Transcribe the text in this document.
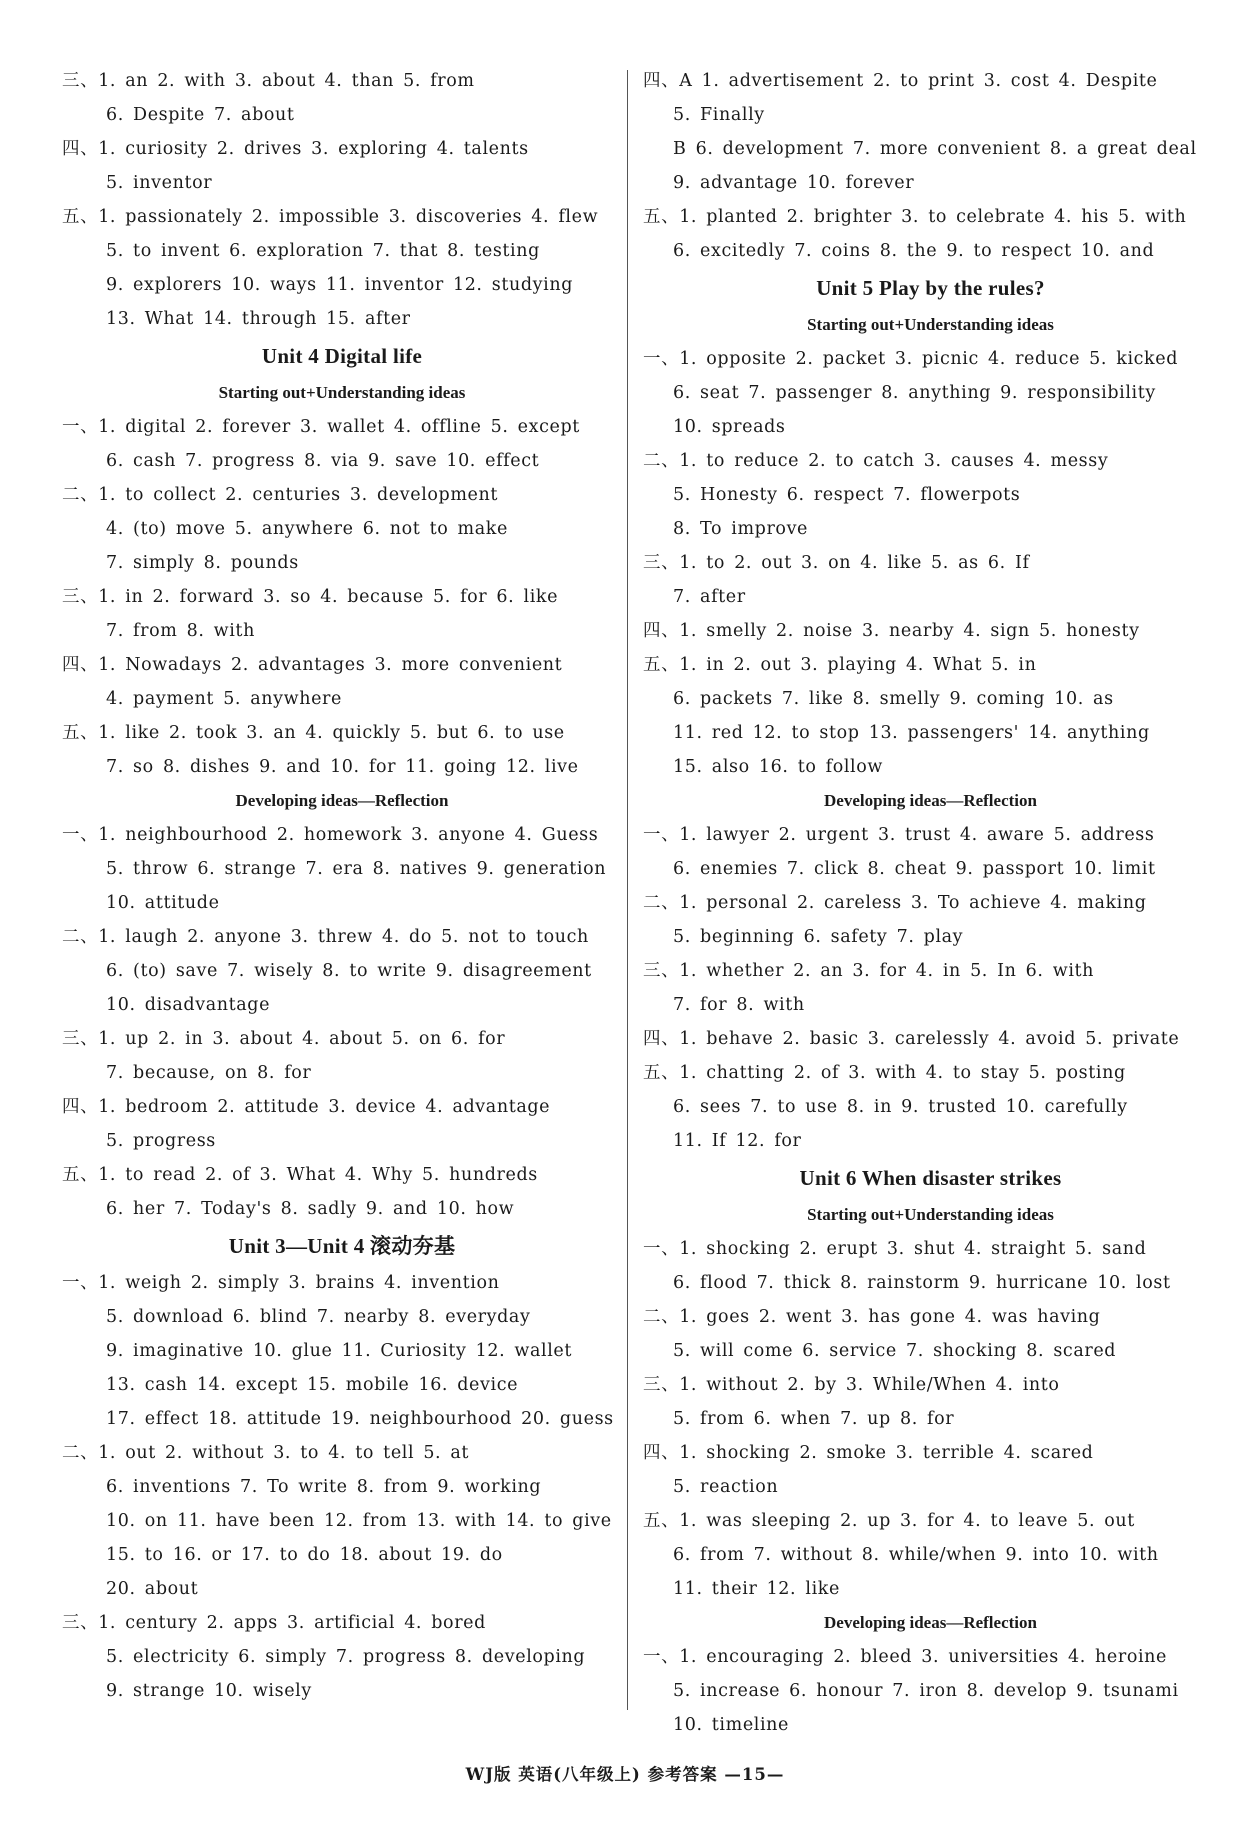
三、1. an 2. with 3. about 4. than 5. from
6. Despite 7. about
四、1. curiosity 2. drives 3. exploring 4. talents
5. inventor
五、1. passionately 2. impossible 3. discoveries 4. flew
5. to invent 6. exploration 7. that 8. testing
9. explorers 10. ways 11. inventor 12. studying
13. What 14. through 15. after
Unit 4 Digital life
Starting out+Understanding ideas
一、1. digital 2. forever 3. wallet 4. offline 5. except
6. cash 7. progress 8. via 9. save 10. effect
二、1. to collect 2. centuries 3. development
4. (to) move 5. anywhere 6. not to make
7. simply 8. pounds
三、1. in 2. forward 3. so 4. because 5. for 6. like
7. from 8. with
四、1. Nowadays 2. advantages 3. more convenient
4. payment 5. anywhere
五、1. like 2. took 3. an 4. quickly 5. but 6. to use
7. so 8. dishes 9. and 10. for 11. going 12. live
Developing ideas—Reflection
一、1. neighbourhood 2. homework 3. anyone 4. Guess
5. throw 6. strange 7. era 8. natives 9. generation
10. attitude
二、1. laugh 2. anyone 3. threw 4. do 5. not to touch
6. (to) save 7. wisely 8. to write 9. disagreement
10. disadvantage
三、1. up 2. in 3. about 4. about 5. on 6. for
7. because, on 8. for
四、1. bedroom 2. attitude 3. device 4. advantage
5. progress
五、1. to read 2. of 3. What 4. Why 5. hundreds
6. her 7. Today's 8. sadly 9. and 10. how
Unit 3—Unit 4 滚动夯基
一、1. weigh 2. simply 3. brains 4. invention
5. download 6. blind 7. nearby 8. everyday
9. imaginative 10. glue 11. Curiosity 12. wallet
13. cash 14. except 15. mobile 16. device
17. effect 18. attitude 19. neighbourhood 20. guess
二、1. out 2. without 3. to 4. to tell 5. at
6. inventions 7. To write 8. from 9. working
10. on 11. have been 12. from 13. with 14. to give
15. to 16. or 17. to do 18. about 19. do
20. about
三、1. century 2. apps 3. artificial 4. bored
5. electricity 6. simply 7. progress 8. developing
9. strange 10. wisely
四、A 1. advertisement 2. to print 3. cost 4. Despite
5. Finally
B 6. development 7. more convenient 8. a great deal
9. advantage 10. forever
五、1. planted 2. brighter 3. to celebrate 4. his 5. with
6. excitedly 7. coins 8. the 9. to respect 10. and
Unit 5 Play by the rules?
Starting out+Understanding ideas
一、1. opposite 2. packet 3. picnic 4. reduce 5. kicked
6. seat 7. passenger 8. anything 9. responsibility
10. spreads
二、1. to reduce 2. to catch 3. causes 4. messy
5. Honesty 6. respect 7. flowerpots
8. To improve
三、1. to 2. out 3. on 4. like 5. as 6. If
7. after
四、1. smelly 2. noise 3. nearby 4. sign 5. honesty
五、1. in 2. out 3. playing 4. What 5. in
6. packets 7. like 8. smelly 9. coming 10. as
11. red 12. to stop 13. passengers' 14. anything
15. also 16. to follow
Developing ideas—Reflection
一、1. lawyer 2. urgent 3. trust 4. aware 5. address
6. enemies 7. click 8. cheat 9. passport 10. limit
二、1. personal 2. careless 3. To achieve 4. making
5. beginning 6. safety 7. play
三、1. whether 2. an 3. for 4. in 5. In 6. with
7. for 8. with
四、1. behave 2. basic 3. carelessly 4. avoid 5. private
五、1. chatting 2. of 3. with 4. to stay 5. posting
6. sees 7. to use 8. in 9. trusted 10. carefully
11. If 12. for
Unit 6 When disaster strikes
Starting out+Understanding ideas
一、1. shocking 2. erupt 3. shut 4. straight 5. sand
6. flood 7. thick 8. rainstorm 9. hurricane 10. lost
二、1. goes 2. went 3. has gone 4. was having
5. will come 6. service 7. shocking 8. scared
三、1. without 2. by 3. While/When 4. into
5. from 6. when 7. up 8. for
四、1. shocking 2. smoke 3. terrible 4. scared
5. reaction
五、1. was sleeping 2. up 3. for 4. to leave 5. out
6. from 7. without 8. while/when 9. into 10. with
11. their 12. like
Developing ideas—Reflection
一、1. encouraging 2. bleed 3. universities 4. heroine
5. increase 6. honour 7. iron 8. develop 9. tsunami
10. timeline
WJ版 英语(八年级上) 参考答案 —15—
